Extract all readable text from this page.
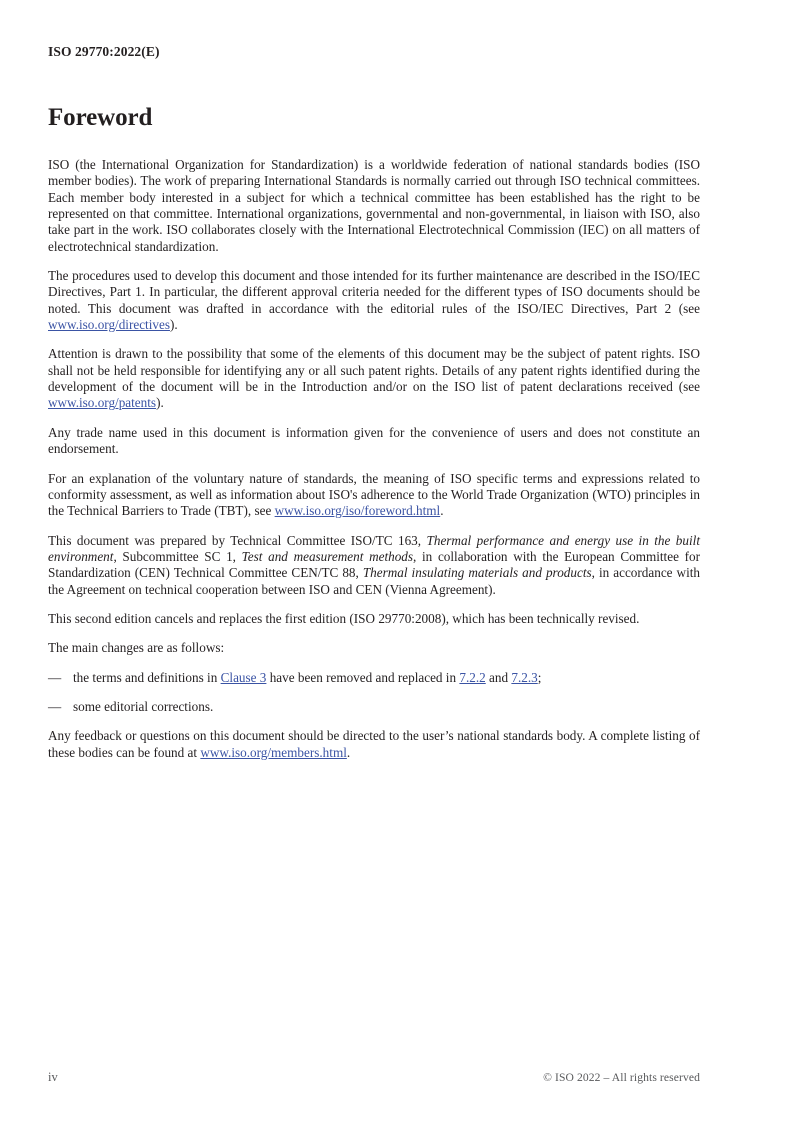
ISO 29770:2022(E)
Foreword

ISO (the International Organization for Standardization) is a worldwide federation of national standards bodies (ISO member bodies). The work of preparing International Standards is normally carried out through ISO technical committees. Each member body interested in a subject for which a technical committee has been established has the right to be represented on that committee. International organizations, governmental and non-governmental, in liaison with ISO, also take part in the work. ISO collaborates closely with the International Electrotechnical Commission (IEC) on all matters of electrotechnical standardization.

The procedures used to develop this document and those intended for its further maintenance are described in the ISO/IEC Directives, Part 1. In particular, the different approval criteria needed for the different types of ISO documents should be noted. This document was drafted in accordance with the editorial rules of the ISO/IEC Directives, Part 2 (see www.iso.org/directives).

Attention is drawn to the possibility that some of the elements of this document may be the subject of patent rights. ISO shall not be held responsible for identifying any or all such patent rights. Details of any patent rights identified during the development of the document will be in the Introduction and/or on the ISO list of patent declarations received (see www.iso.org/patents).

Any trade name used in this document is information given for the convenience of users and does not constitute an endorsement.

For an explanation of the voluntary nature of standards, the meaning of ISO specific terms and expressions related to conformity assessment, as well as information about ISO's adherence to the World Trade Organization (WTO) principles in the Technical Barriers to Trade (TBT), see www.iso.org/iso/foreword.html.

This document was prepared by Technical Committee ISO/TC 163, Thermal performance and energy use in the built environment, Subcommittee SC 1, Test and measurement methods, in collaboration with the European Committee for Standardization (CEN) Technical Committee CEN/TC 88, Thermal insulating materials and products, in accordance with the Agreement on technical cooperation between ISO and CEN (Vienna Agreement).

This second edition cancels and replaces the first edition (ISO 29770:2008), which has been technically revised.

The main changes are as follows:

— the terms and definitions in Clause 3 have been removed and replaced in 7.2.2 and 7.2.3;
— some editorial corrections.

Any feedback or questions on this document should be directed to the user’s national standards body. A complete listing of these bodies can be found at www.iso.org/members.html.

iv	© ISO 2022 – All rights reserved
